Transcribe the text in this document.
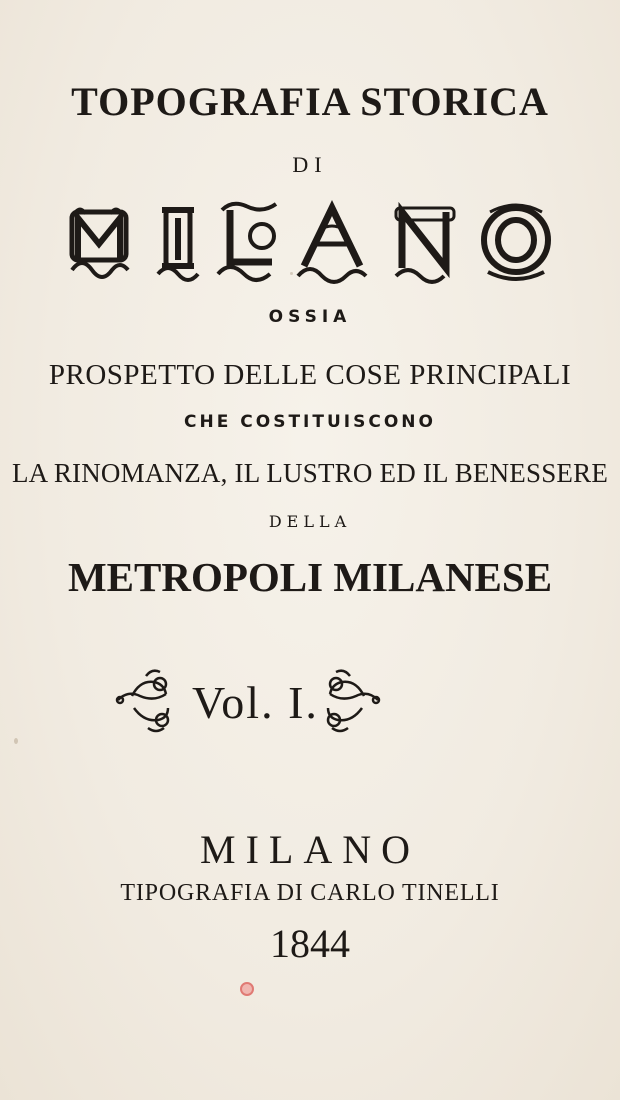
TOPOGRAFIA STORICA
DI
OSSIA
PROSPETTO DELLE COSE PRINCIPALI
CHE COSTITUISCONO
LA RINOMANZA, IL LUSTRO ED IL BENESSERE
DELLA
METROPOLI MILANESE
Vol. I.
MILANO
TIPOGRAFIA DI CARLO TINELLI
1844
